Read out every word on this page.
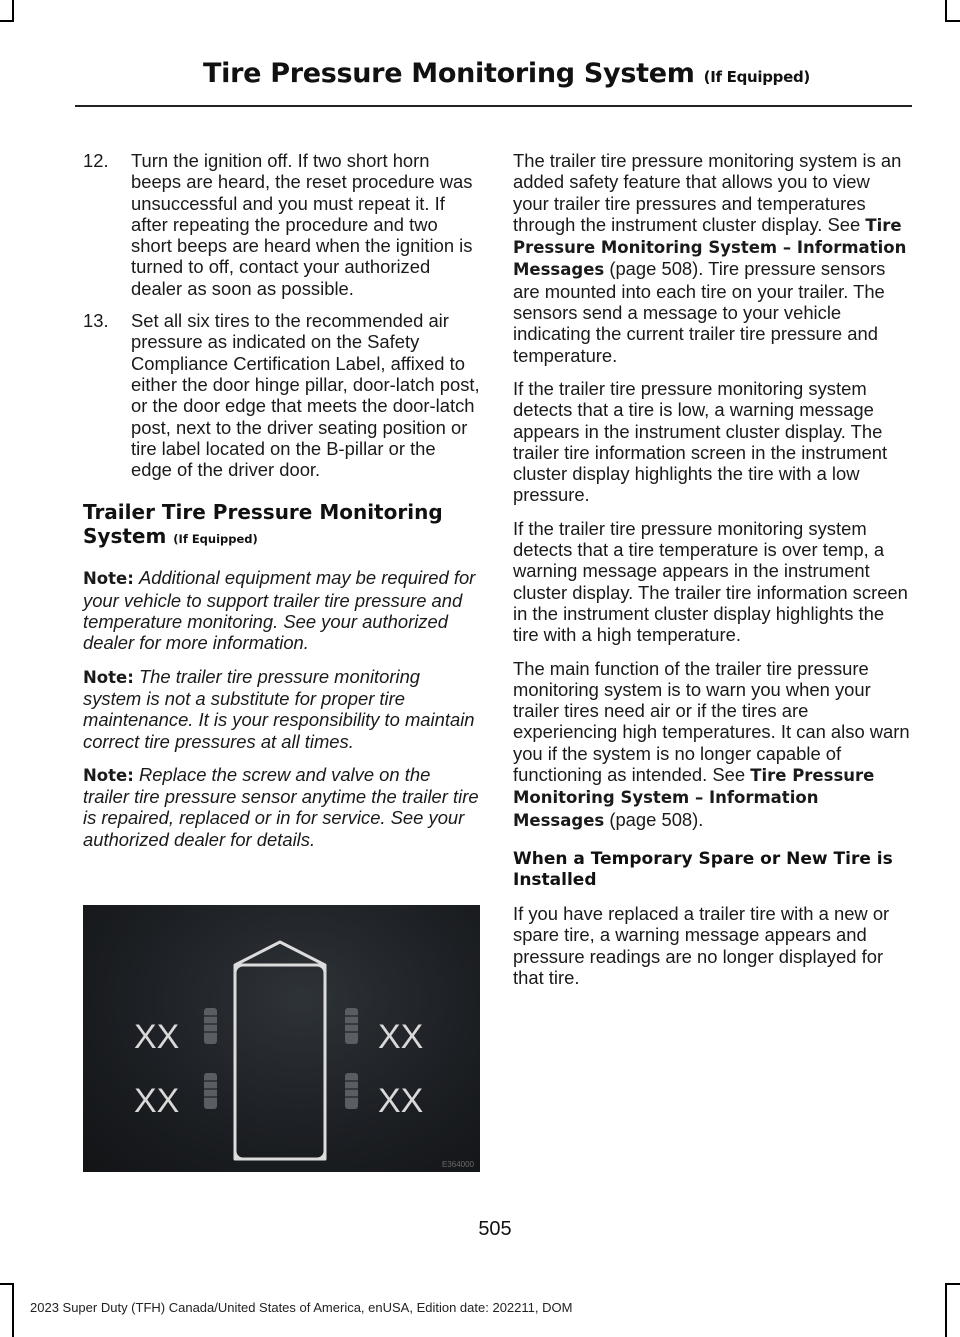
Tire Pressure Monitoring System (If Equipped)
12.	Turn the ignition off. If two short horn beeps are heard, the reset procedure was unsuccessful and you must repeat it. If after repeating the procedure and two short beeps are heard when the ignition is turned to off, contact your authorized dealer as soon as possible.
13.	Set all six tires to the recommended air pressure as indicated on the Safety Compliance Certification Label, affixed to either the door hinge pillar, door-latch post, or the door edge that meets the door-latch post, next to the driver seating position or tire label located on the B-pillar or the edge of the driver door.
Trailer Tire Pressure Monitoring System (If Equipped)

Note: Additional equipment may be required for your vehicle to support trailer tire pressure and temperature monitoring. See your authorized dealer for more information.

Note: The trailer tire pressure monitoring system is not a substitute for proper tire maintenance. It is your responsibility to maintain correct tire pressures at all times.

Note: Replace the screw and valve on the trailer tire pressure sensor anytime the trailer tire is repaired, replaced or in for service. See your authorized dealer for details.

XX	XX
XX	XX
E364000

The trailer tire pressure monitoring system is an added safety feature that allows you to view your trailer tire pressures and temperatures through the instrument cluster display. See Tire Pressure Monitoring System – Information Messages (page 508). Tire pressure sensors are mounted into each tire on your trailer. The sensors send a message to your vehicle indicating the current trailer tire pressure and temperature.

If the trailer tire pressure monitoring system detects that a tire is low, a warning message appears in the instrument cluster display. The trailer tire information screen in the instrument cluster display highlights the tire with a low pressure.

If the trailer tire pressure monitoring system detects that a tire temperature is over temp, a warning message appears in the instrument cluster display. The trailer tire information screen in the instrument cluster display highlights the tire with a high temperature.

The main function of the trailer tire pressure monitoring system is to warn you when your trailer tires need air or if the tires are experiencing high temperatures. It can also warn you if the system is no longer capable of functioning as intended. See Tire Pressure Monitoring System – Information Messages (page 508).

When a Temporary Spare or New Tire is Installed

If you have replaced a trailer tire with a new or spare tire, a warning message appears and pressure readings are no longer displayed for that tire.

505
2023 Super Duty (TFH) Canada/United States of America, enUSA, Edition date: 202211, DOM
